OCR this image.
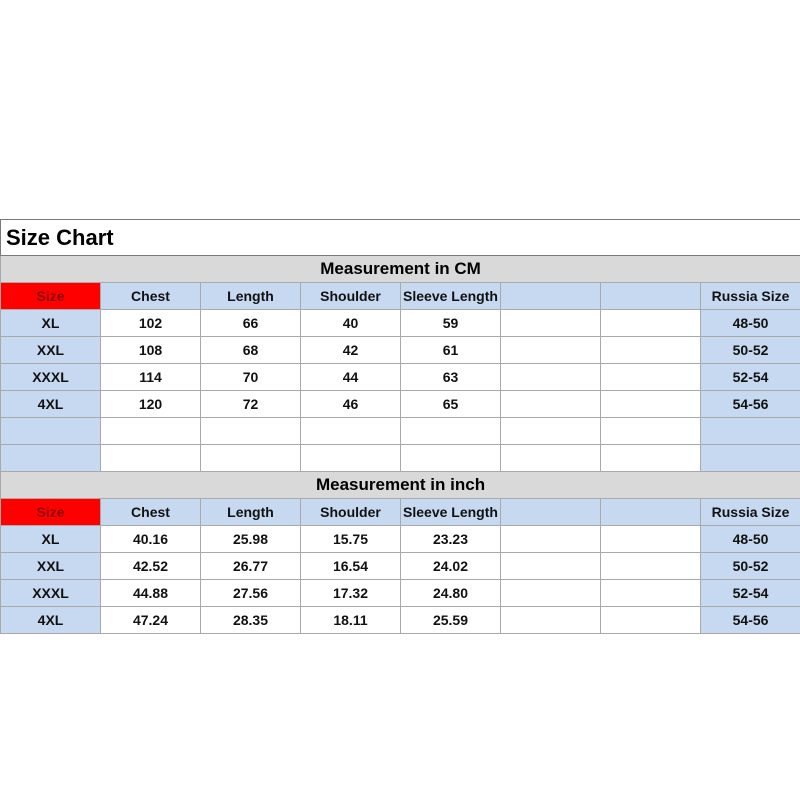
Size Chart							
Measurement in CM							
Size	Chest	Length	Shoulder	Sleeve Length			Russia Size
XL	102	66	40	59			48-50
XXL	108	68	42	61			50-52
XXXL	114	70	44	63			52-54
4XL	120	72	46	65			54-56

Measurement in inch							
Size	Chest	Length	Shoulder	Sleeve Length			Russia Size
XL	40.16	25.98	15.75	23.23			48-50
XXL	42.52	26.77	16.54	24.02			50-52
XXXL	44.88	27.56	17.32	24.80			52-54
4XL	47.24	28.35	18.11	25.59			54-56
